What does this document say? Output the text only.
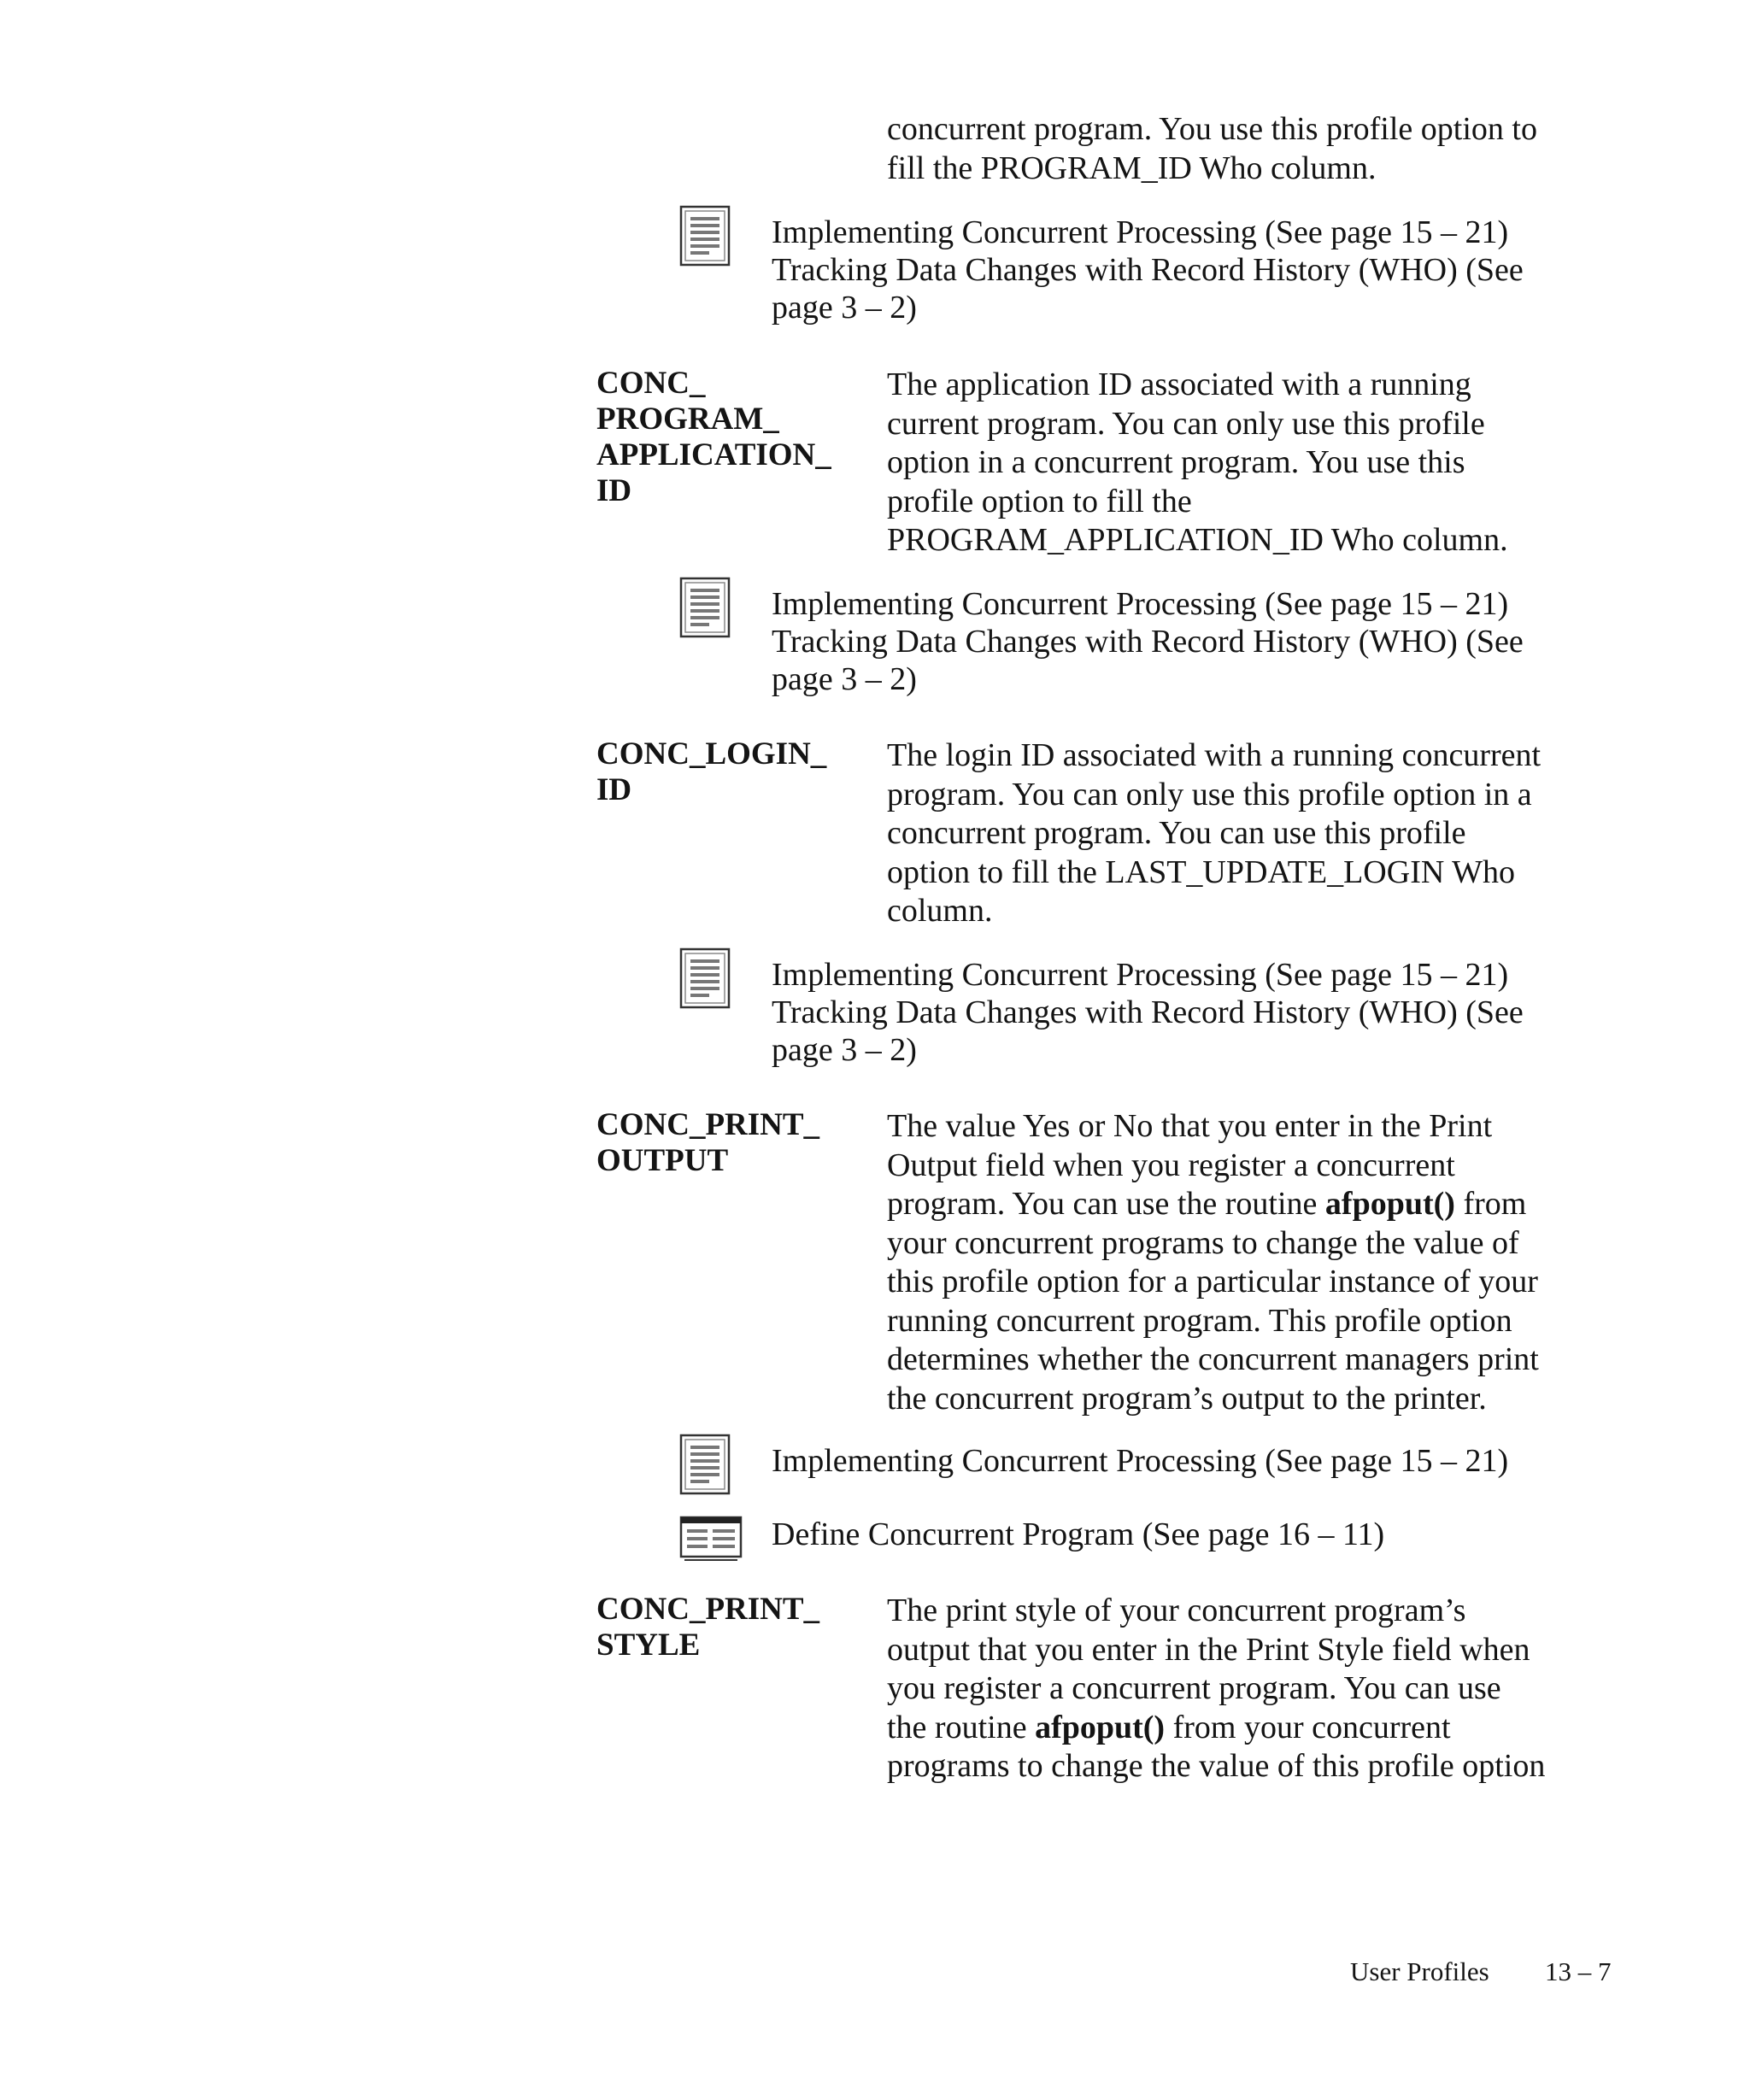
concurrent program. You use this profile option to
fill the PROGRAM_ID Who column.

Implementing Concurrent Processing (See page 15 – 21)
Tracking Data Changes with Record History (WHO) (See
page 3 – 2)

CONC_
PROGRAM_
APPLICATION_
ID

The application ID associated with a running
current program. You can only use this profile
option in a concurrent program. You use this
profile option to fill the
PROGRAM_APPLICATION_ID Who column.

Implementing Concurrent Processing (See page 15 – 21)
Tracking Data Changes with Record History (WHO) (See
page 3 – 2)

CONC_LOGIN_
ID

The login ID associated with a running concurrent
program. You can only use this profile option in a
concurrent program. You can use this profile
option to fill the LAST_UPDATE_LOGIN Who
column.

Implementing Concurrent Processing (See page 15 – 21)
Tracking Data Changes with Record History (WHO) (See
page 3 – 2)

CONC_PRINT_
OUTPUT

The value Yes or No that you enter in the Print
Output field when you register a concurrent
program. You can use the routine afpoput() from
your concurrent programs to change the value of
this profile option for a particular instance of your
running concurrent program. This profile option
determines whether the concurrent managers print
the concurrent program’s output to the printer.

Implementing Concurrent Processing (See page 15 – 21)
Define Concurrent Program (See page 16 – 11)

CONC_PRINT_
STYLE

The print style of your concurrent program’s
output that you enter in the Print Style field when
you register a concurrent program. You can use
the routine afpoput() from your concurrent
programs to change the value of this profile option

User Profiles 13 – 7
